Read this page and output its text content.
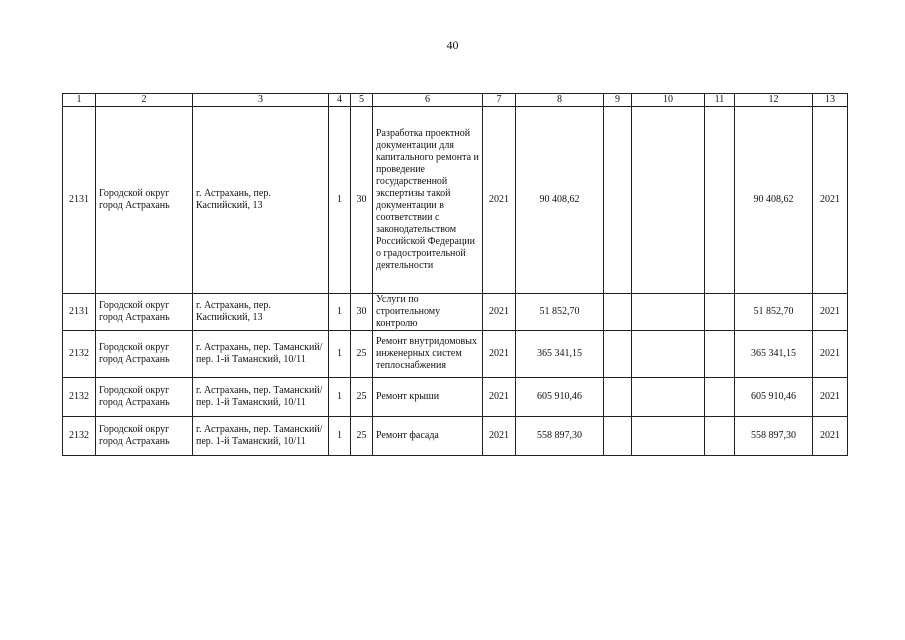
40
1	2	3	4	5	6	7	8	9	10	11	12	13
2131	Городской округ город Астрахань	г. Астрахань, пер. Каспийский, 13	1	30	Разработка проектной документации для капитального ремонта и проведение государственной экспертизы такой документации в соответствии с законодательством Российской Федерации о градостроительной деятельности	2021	90 408,62				90 408,62	2021
2131	Городской округ город Астрахань	г. Астрахань, пер. Каспийский, 13	1	30	Услуги по строительному контролю	2021	51 852,70				51 852,70	2021
2132	Городской округ город Астрахань	г. Астрахань, пер. Таманский/пер. 1-й Таманский, 10/11	1	25	Ремонт внутридомовых инженерных систем теплоснабжения	2021	365 341,15				365 341,15	2021
2132	Городской округ город Астрахань	г. Астрахань, пер. Таманский/пер. 1-й Таманский, 10/11	1	25	Ремонт крыши	2021	605 910,46				605 910,46	2021
2132	Городской округ город Астрахань	г. Астрахань, пер. Таманский/пер. 1-й Таманский, 10/11	1	25	Ремонт фасада	2021	558 897,30				558 897,30	2021
